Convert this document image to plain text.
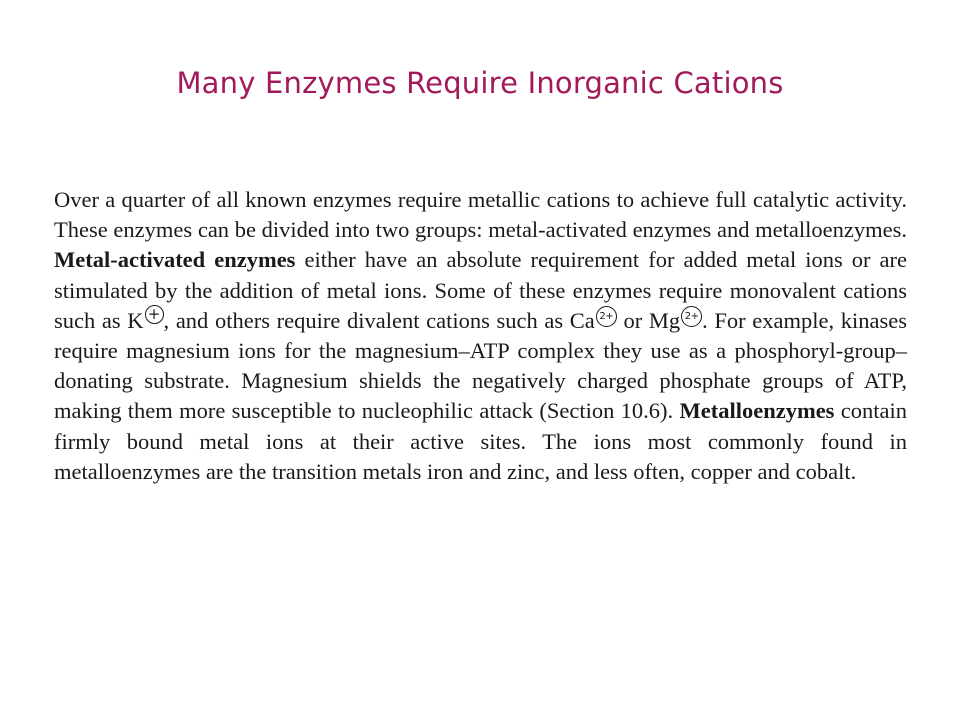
Many Enzymes Require Inorganic Cations

Over a quarter of all known enzymes require metallic cations to achieve full catalytic activity. These enzymes can be divided into two groups: metal-activated enzymes and metalloenzymes. Metal-activated enzymes either have an absolute requirement for added metal ions or are stimulated by the addition of metal ions. Some of these enzymes require monovalent cations such as K + , and others require divalent cations such as Ca 2+ or Mg 2+ . For example, kinases require magnesium ions for the magnesium–ATP complex they use as a phosphoryl-group–donating substrate. Magnesium shields the negatively charged phosphate groups of ATP, making them more susceptible to nucleophilic attack (Section 10.6). Metalloenzymes contain firmly bound metal ions at their active sites. The ions most commonly found in metalloenzymes are the transition metals iron and zinc, and less often, copper and cobalt.
